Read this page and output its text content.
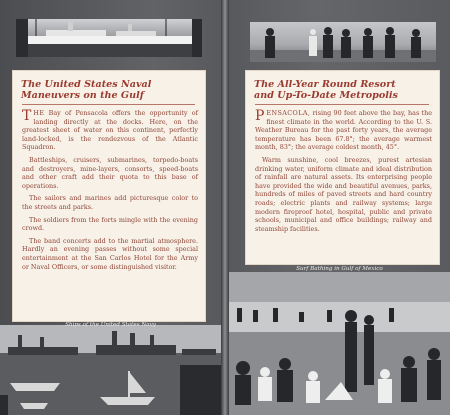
The United States Naval
Maneuvers on the Gulf

THE Bay of Pensacola offers the opportunity of landing directly at the docks. Here, on the greatest sheet of water on this continent, perfectly land-locked, is the rendezvous of the Atlantic Squadron.

Battleships, cruisers, submarines, torpedo-boats and destroyers, mine-layers, consorts, speed-boats and other craft add their quota to this base of operations.

The sailors and marines add picturesque color to the streets and parks.

The soldiers from the forts mingle with the evening crowd.

The band concerts add to the martial atmosphere. Hardly an evening passes without some special entertainment at the San Carlos Hotel for the Army or Naval Officers, or some distinguished visitor.

The All-Year Round Resort
and Up-To-Date Metropolis

PENSACOLA, rising 90 feet above the bay, has the finest climate in the world. According to the U. S. Weather Bureau for the past forty years, the average temperature has been 67.8°; the average warmest month, 83°; the average coldest month, 45°.

Warm sunshine, cool breezes, purest artesian drinking water, uniform climate and ideal distribution of rainfall are natural assets. Its enterprising people have provided the wide and beautiful avenues, parks, hundreds of miles of paved streets and hard country roads; electric plants and railway systems; large modern fireproof hotel, hospital, public and private schools, municipal and office buildings; railway and steamship facilities.

Ships of the United States Navy
Surf Bathing in Gulf of Mexico
